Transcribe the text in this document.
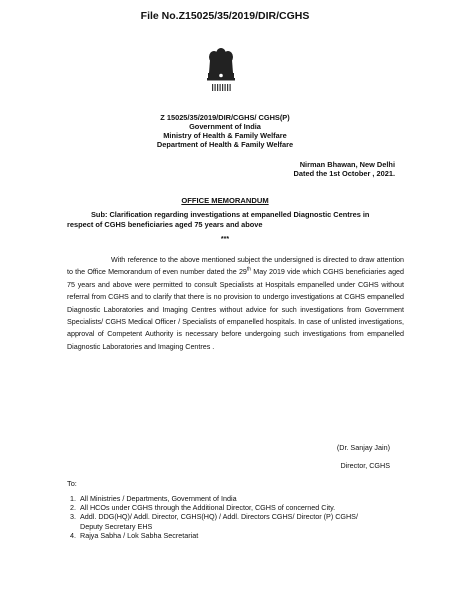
File No.Z15025/35/2019/DIR/CGHS
Z 15025/35/2019/DIR/CGHS/ CGHS(P)
Government of India
Ministry of Health & Family Welfare
Department of Health & Family Welfare
Nirman Bhawan, New Delhi
Dated the 1st October , 2021.
OFFICE MEMORANDUM
Sub: Clarification regarding investigations at empanelled Diagnostic Centres in respect of CGHS beneficiaries aged 75 years and above
***
With reference to the above mentioned subject the undersigned is directed to draw attention to the Office Memorandum of even number dated the 29th May 2019 vide which CGHS beneficiaries aged 75 years and above were permitted to consult Specialists at Hospitals empanelled under CGHS without referral from CGHS and to clarify that there is no provision to undergo investigations at CGHS empanelled Diagnostic Laboratories and Imaging Centres without advice for such investigations from Government Specialists/ CGHS Medical Officer / Specialists of empanelled hospitals. In case of unlisted investigations, approval of Competent Authority is necessary before undergoing such investigations from empanelled Diagnostic Laboratories and Imaging Centres .
(Dr. Sanjay Jain)
Director, CGHS
To:
1. All Ministries / Departments, Government of India
2. All HCOs under CGHS through the Additional Director, CGHS of concerned City.
3. Addl. DDG(HQ)/ Addl. Director, CGHS(HQ) / Addl. Directors CGHS/ Director (P) CGHS/ Deputy Secretary EHS
4. Rajya Sabha / Lok Sabha Secretariat
